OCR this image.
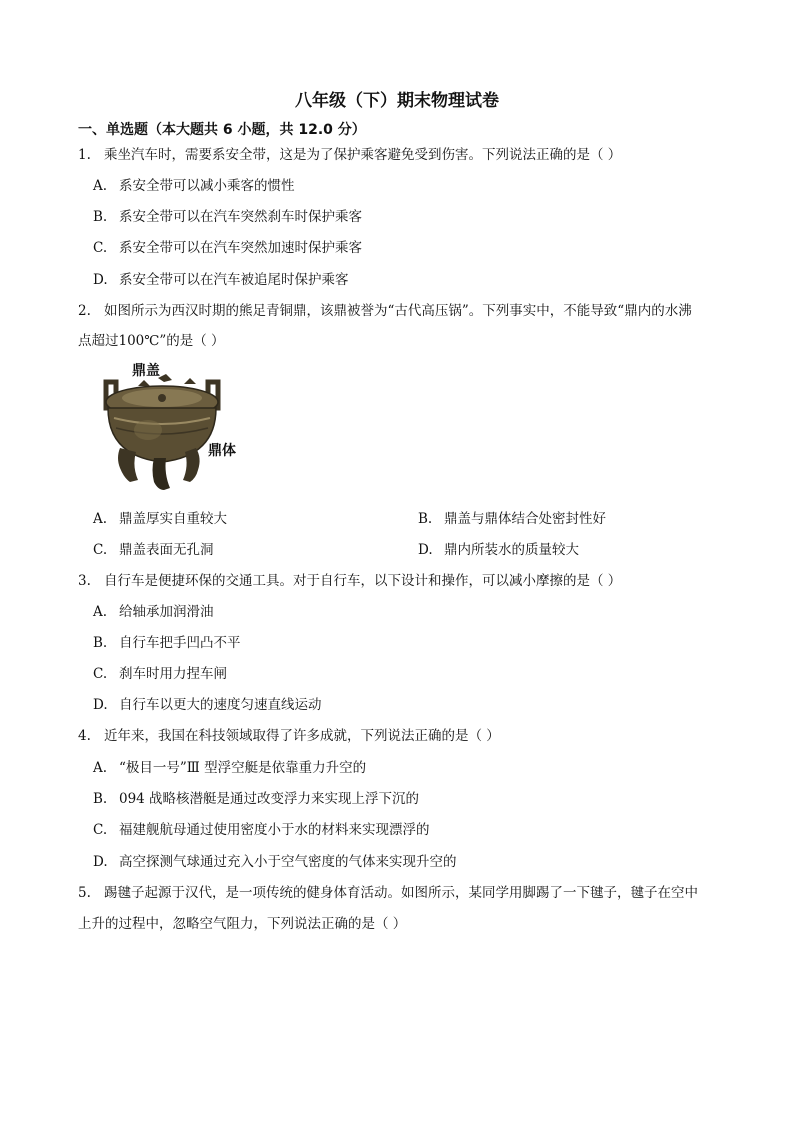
八年级（下）期末物理试卷
一、单选题（本大题共 6 小题，共 12.0 分）
1. 乘坐汽车时，需要系安全带，这是为了保护乘客避免受到伤害。下列说法正确的是（ ）
A. 系安全带可以减小乘客的惯性
B. 系安全带可以在汽车突然刹车时保护乘客
C. 系安全带可以在汽车突然加速时保护乘客
D. 系安全带可以在汽车被追尾时保护乘客
2. 如图所示为西汉时期的熊足青铜鼎，该鼎被誉为“古代高压锅”。下列事实中，不能导致“鼎内的水沸
点超过100℃”的是（ ）
鼎盖
鼎体
A. 鼎盖厚实自重较大	B. 鼎盖与鼎体结合处密封性好
C. 鼎盖表面无孔洞	D. 鼎内所装水的质量较大
3. 自行车是便捷环保的交通工具。对于自行车，以下设计和操作，可以减小摩擦的是（ ）
A. 给轴承加润滑油
B. 自行车把手凹凸不平
C. 刹车时用力捏车闸
D. 自行车以更大的速度匀速直线运动
4. 近年来，我国在科技领域取得了许多成就，下列说法正确的是（ ）
A. “极目一号”Ⅲ 型浮空艇是依靠重力升空的
B. 094 战略核潜艇是通过改变浮力来实现上浮下沉的
C. 福建舰航母通过使用密度小于水的材料来实现漂浮的
D. 高空探测气球通过充入小于空气密度的气体来实现升空的
5. 踢毽子起源于汉代，是一项传统的健身体育活动。如图所示，某同学用脚踢了一下毽子，毽子在空中
上升的过程中，忽略空气阻力，下列说法正确的是（ ）
